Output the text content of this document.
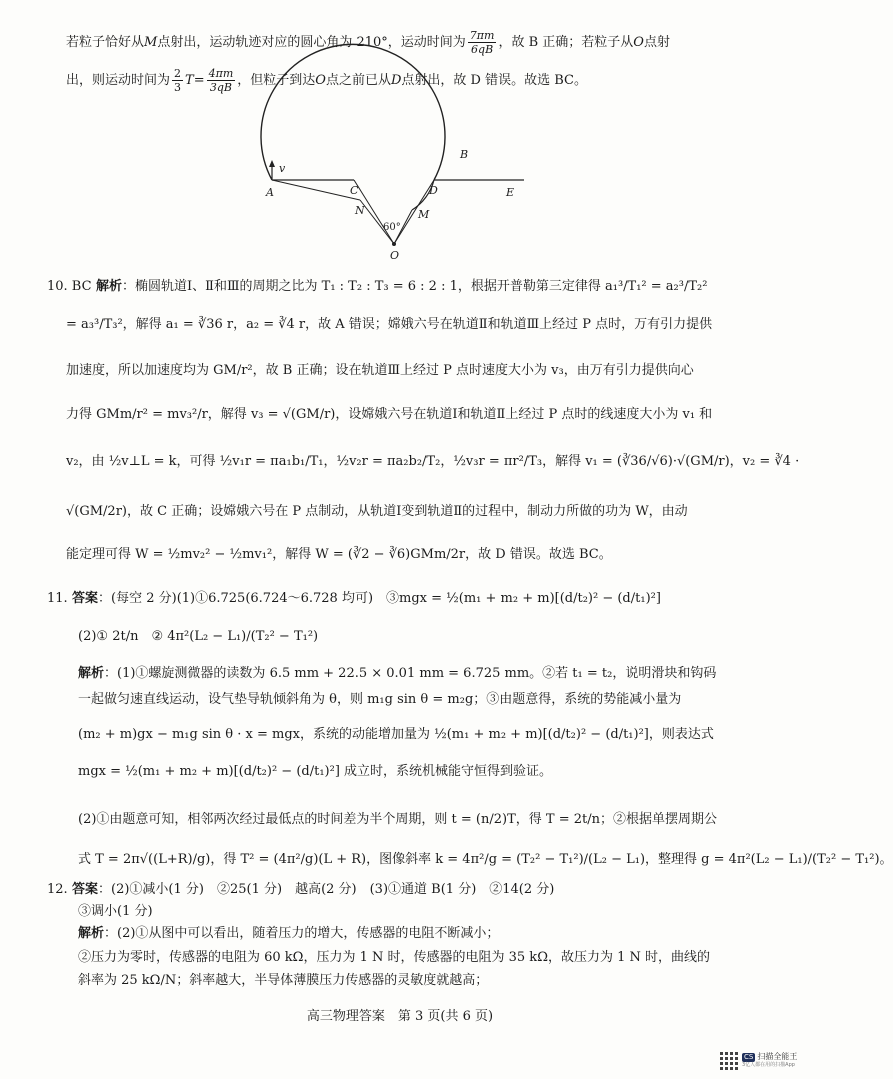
若粒子恰好从M点射出，运动轨迹对应的圆心角为 210°，运动时间为 $\frac{7\pi m}{6qB}$ ，故 B 正确；若粒子从O点射
出，则运动时间为 $\frac{2}{3} T= \frac{4\pi m}{3qB}$ ，但粒子到达O点之前已从D点射出，故 D 错误。故选 BC。
v
A	C
N
D
M
B
E
O
60°
10. BC 解析：椭圆轨道Ⅰ、Ⅱ和Ⅲ的周期之比为 T₁ : T₂ : T₃ = 6 : 2 : 1，根据开普勒第三定律得 a₁³/T₁² = a₂³/T₂²
= a₃³/T₃²，解得 a₁ = ∛36 r，a₂ = ∛4 r，故 A 错误；嫦娥六号在轨道Ⅱ和轨道Ⅲ上经过 P 点时，万有引力提供
加速度，所以加速度均为 GM/r²，故 B 正确；设在轨道Ⅲ上经过 P 点时速度大小为 v₃，由万有引力提供向心
力得 GMm/r² = mv₃²/r，解得 v₃ = √(GM/r)，设嫦娥六号在轨道Ⅰ和轨道Ⅱ上经过 P 点时的线速度大小为 v₁ 和
v₂，由 ½v⊥L = k，可得 ½v₁r = πa₁b₁/T₁，½v₂r = πa₂b₂/T₂，½v₃r = πr²/T₃，解得 v₁ = (∛36/√6)·√(GM/r)，v₂ = ∛4 ·
√(GM/2r)，故 C 正确；设嫦娥六号在 P 点制动，从轨道Ⅰ变到轨道Ⅱ的过程中，制动力所做的功为 W，由动
能定理可得 W = ½mv₂² − ½mv₁²，解得 W = (∛2 − ∛6)GMm/2r，故 D 错误。故选 BC。
11. 答案：(每空 2 分)(1)①6.725(6.724～6.728 均可)　③mgx = ½(m₁ + m₂ + m)[(d/t₂)² − (d/t₁)²]
(2)① 2t/n　② 4π²(L₂ − L₁)/(T₂² − T₁²)
解析：(1)①螺旋测微器的读数为 6.5 mm + 22.5 × 0.01 mm = 6.725 mm。②若 t₁ = t₂，说明滑块和钩码
一起做匀速直线运动，设气垫导轨倾斜角为 θ，则 m₁g sin θ = m₂g；③由题意得，系统的势能减小量为
(m₂ + m)gx − m₁g sin θ · x = mgx，系统的动能增加量为 ½(m₁ + m₂ + m)[(d/t₂)² − (d/t₁)²]，则表达式
mgx = ½(m₁ + m₂ + m)[(d/t₂)² − (d/t₁)²] 成立时，系统机械能守恒得到验证。
(2)①由题意可知，相邻两次经过最低点的时间差为半个周期，则 t = (n/2)T，得 T = 2t/n；②根据单摆周期公
式 T = 2π√((L+R)/g)，得 T² = (4π²/g)(L + R)，图像斜率 k = 4π²/g = (T₂² − T₁²)/(L₂ − L₁)，整理得 g = 4π²(L₂ − L₁)/(T₂² − T₁²)。
12. 答案：(2)①减小(1 分)　②25(1 分)　越高(2 分)　(3)①通道 B(1 分)　②14(2 分)
③调小(1 分)
解析：(2)①从图中可以看出，随着压力的增大，传感器的电阻不断减小；
②压力为零时，传感器的电阻为 60 kΩ，压力为 1 N 时，传感器的电阻为 35 kΩ，故压力为 1 N 时，曲线的
斜率为 25 kΩ/N；斜率越大，半导体薄膜压力传感器的灵敏度就越高；
高三物理答案　第 3 页(共 6 页)
CS 扫描全能王
3亿人都在用的扫描App
